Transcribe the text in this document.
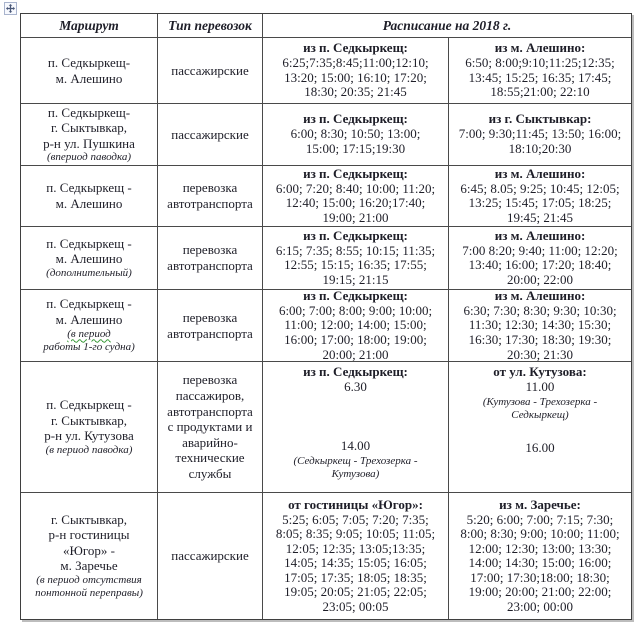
Маршрут	Тип перевозок	Расписание на 2018 г.
п. Седкыркещ-
м. Алешино
пассажирские
из п. Седкыркещ:
6:25;7:35;8:45;11:00;12:10;
13:20; 15:00; 16:10; 17:20;
18:30; 20:35; 21:45
из м. Алешино:
6:50; 8:00;9:10;11:25;12:35;
13:45; 15:25; 16:35; 17:45;
18:55;21:00; 22:10
п. Седкыркещ-
г. Сыктывкар,
р-н ул. Пушкина
(впериод паводка)
пассажирские
из п. Седкыркещ:
6:00; 8:30; 10:50; 13:00;
15:00; 17:15;19:30
из г. Сыктывкар:
7:00; 9:30;11:45; 13:50; 16:00;
18:10;20:30
п. Седкыркещ -
м. Алешино
перевозка
автотранспорта
из п. Седкыркещ:
6:00; 7:20; 8:40; 10:00; 11:20;
12:40; 15:00; 16:20;17:40;
19:00; 21:00
из м. Алешино:
6:45; 8.05; 9:25; 10:45; 12:05;
13:25; 15:45; 17:05; 18:25;
19:45; 21:45
п. Седкыркещ -
м. Алешино
(дополнительный)
перевозка
автотранспорта
из п. Седкыркещ:
6:15; 7:35; 8:55; 10:15; 11:35;
12:55; 15:15; 16:35; 17:55;
19:15; 21:15
из м. Алешино:
7:00 8:20; 9:40; 11:00; 12:20;
13:40; 16:00; 17:20; 18:40;
20:00; 22:00
п. Седкыркещ -
м. Алешино
(в период
работы 1-го судна)
перевозка
автотранспорта
из п. Седкыркещ:
6:00; 7:00; 8:00; 9:00; 10:00;
11:00; 12:00; 14:00; 15:00;
16:00; 17:00; 18:00; 19:00;
20:00; 21:00
из м. Алешино:
6:30; 7:30; 8:30; 9:30; 10:30;
11:30; 12:30; 14:30; 15:30;
16:30; 17:30; 18:30; 19:30;
20:30; 21:30
п. Седкыркещ -
г. Сыктывкар,
р-н ул. Кутузова
(в период паводка)
перевозка
пассажиров,
автотранспорта
с продуктами и
аварийно-
технические
службы
из п. Седкыркещ:
6.30
14.00
(Седкыркещ - Трехозерка -
Кутузова)
от ул. Кутузова:
11.00
(Кутузова - Трехозерка -
Седкыркещ)
16.00
г. Сыктывкар,
р-н гостиницы
«Югор» -
м. Заречье
(в период отсутствия
понтонной переправы)
пассажирские
от гостиницы «Югор»:
5:25; 6:05; 7:05; 7:20; 7:35;
8:05; 8:35; 9:05; 10:05; 11:05;
12:05; 12:35; 13:05;13:35;
14:05; 14:35; 15:05; 16:05;
17:05; 17:35; 18:05; 18:35;
19:05; 20:05; 21:05; 22:05;
23:05; 00:05
из м. Заречье:
5:20; 6:00; 7:00; 7:15; 7:30;
8:00; 8:30; 9:00; 10:00; 11:00;
12:00; 12:30; 13:00; 13:30;
14:00; 14:30; 15:00; 16:00;
17:00; 17:30;18:00; 18:30;
19:00; 20:00; 21:00; 22:00;
23:00; 00:00
